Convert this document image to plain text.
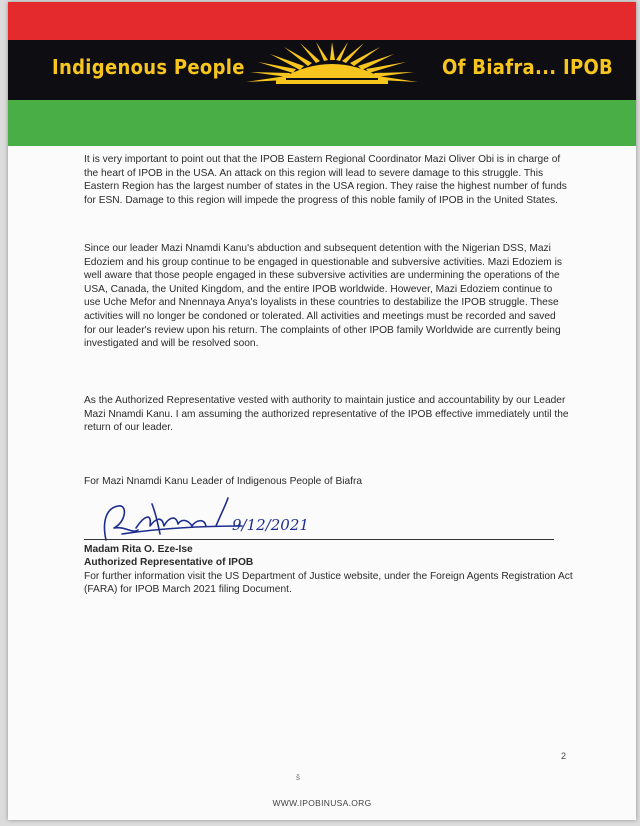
Indigenous People	Of Biafra... IPOB
It is very important to point out that the IPOB Eastern Regional Coordinator Mazi Oliver Obi is in charge of the heart of IPOB in the USA. An attack on this region will lead to severe damage to this struggle. This Eastern Region has the largest number of states in the USA region. They raise the highest number of funds for ESN. Damage to this region will impede the progress of this noble family of IPOB in the United States.
Since our leader Mazi Nnamdi Kanu's abduction and subsequent detention with the Nigerian DSS, Mazi Edoziem and his group continue to be engaged in questionable and subversive activities. Mazi Edoziem is well aware that those people engaged in these subversive activities are undermining the operations of the USA, Canada, the United Kingdom, and the entire IPOB worldwide. However, Mazi Edoziem continue to use Uche Mefor and Nnennaya Anya's loyalists in these countries to destabilize the IPOB struggle. These activities will no longer be condoned or tolerated. All activities and meetings must be recorded and saved for our leader's review upon his return. The complaints of other IPOB family Worldwide are currently being investigated and will be resolved soon.
As the Authorized Representative vested with authority to maintain justice and accountability by our Leader Mazi Nnamdi Kanu. I am assuming the authorized representative of the IPOB effective immediately until the return of our leader.
For Mazi Nnamdi Kanu Leader of Indigenous People of Biafra
9/12/2021
Madam Rita O. Eze-Ise
Authorized Representative of IPOB
For further information visit the US Department of Justice website, under the Foreign Agents Registration Act (FARA) for IPOB March 2021 filing Document.
2
š
WWW.IPOBINUSA.ORG
